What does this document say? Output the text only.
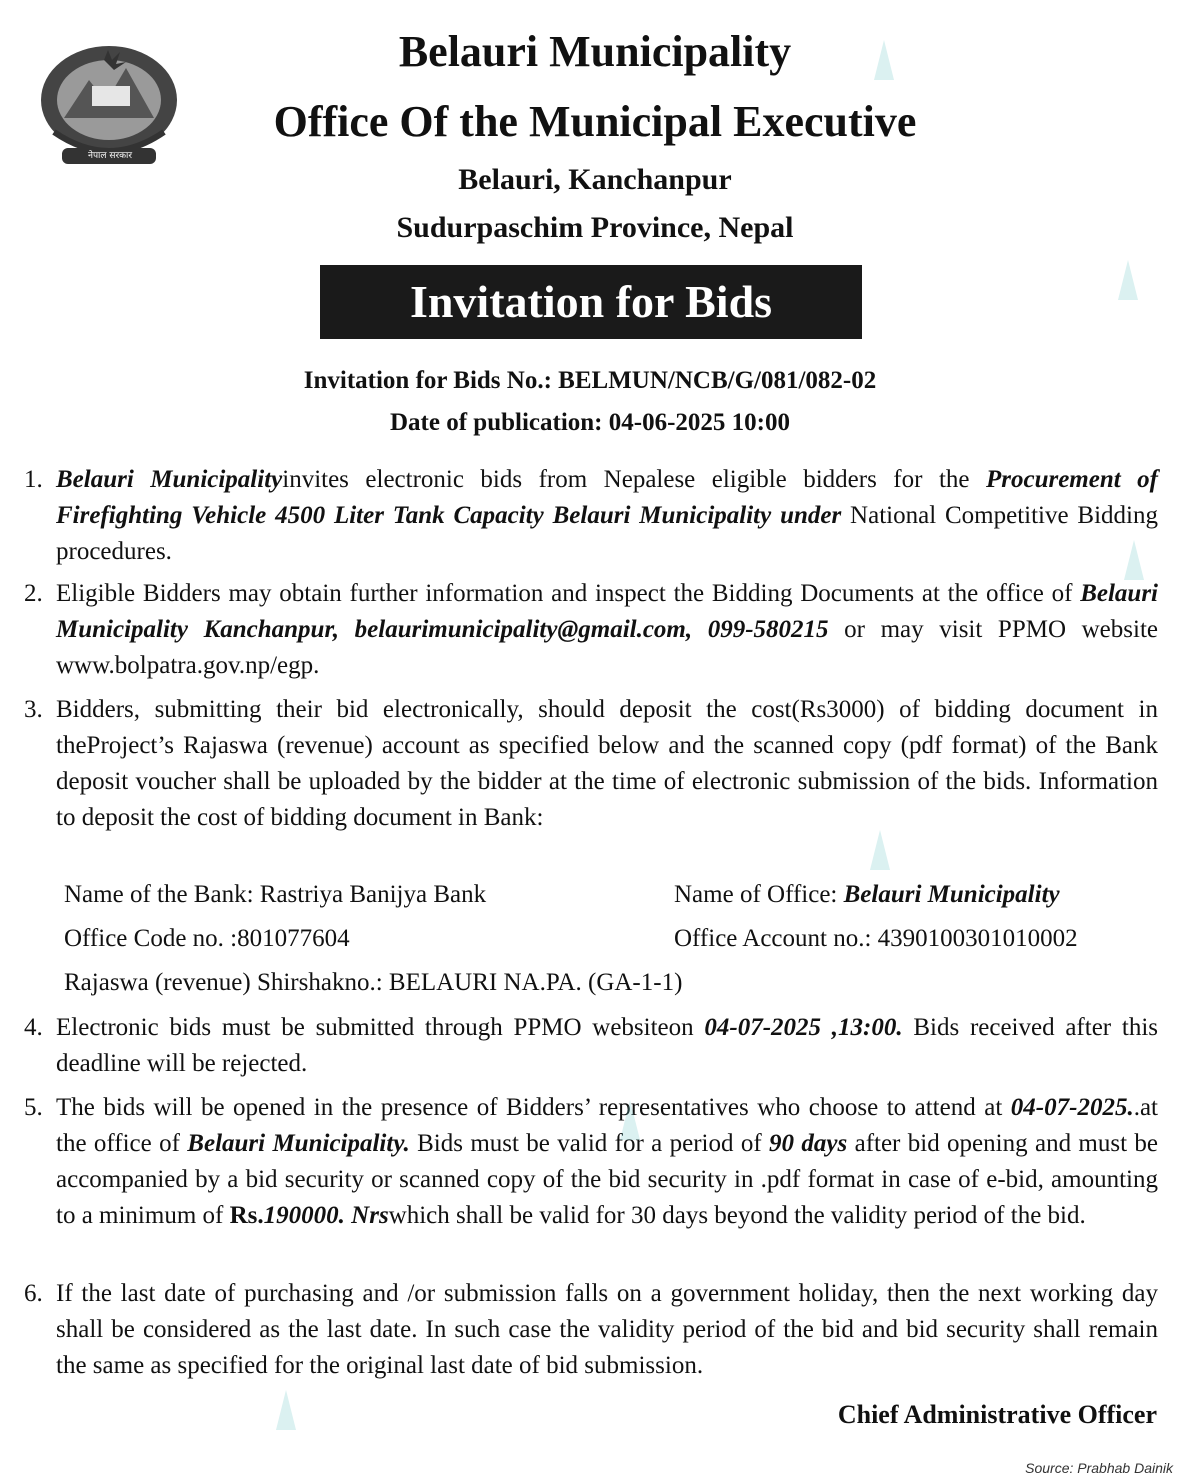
नेपाल सरकार
Belauri Municipality
Office Of the Municipal Executive
Belauri, Kanchanpur
Sudurpaschim Province, Nepal
Invitation for Bids
Invitation for Bids No.: BELMUN/NCB/G/081/082-02
Date of publication: 04-06-2025 10:00
1. Belauri Municipalityinvites electronic bids from Nepalese eligible bidders for the Procurement of Firefighting Vehicle 4500 Liter Tank Capacity Belauri Municipality under National Competitive Bidding procedures.
2. Eligible Bidders may obtain further information and inspect the Bidding Documents at the office of Belauri Municipality Kanchanpur, belaurimunicipality@gmail.com, 099-580215 or may visit PPMO website www.bolpatra.gov.np/egp.
3. Bidders, submitting their bid electronically, should deposit the cost(Rs3000) of bidding document in theProject’s Rajaswa (revenue) account as specified below and the scanned copy (pdf format) of the Bank deposit voucher shall be uploaded by the bidder at the time of electronic submission of the bids. Information to deposit the cost of bidding document in Bank:
Name of the Bank: Rastriya Banijya Bank	Name of Office: Belauri Municipality
Office Code no. :801077604	Office Account no.: 4390100301010002
Rajaswa (revenue) Shirshakno.: BELAURI NA.PA. (GA-1-1)
4. Electronic bids must be submitted through PPMO websiteon 04-07-2025 ,13:00. Bids received after this deadline will be rejected.
5. The bids will be opened in the presence of Bidders’ representatives who choose to attend at 04-07-2025..at the office of Belauri Municipality. Bids must be valid for a period of 90 days after bid opening and must be accompanied by a bid security or scanned copy of the bid security in .pdf format in case of e-bid, amounting to a minimum of Rs.190000. Nrswhich shall be valid for 30 days beyond the validity period of the bid.
6. If the last date of purchasing and /or submission falls on a government holiday, then the next working day shall be considered as the last date. In such case the validity period of the bid and bid security shall remain the same as specified for the original last date of bid submission.
Chief Administrative Officer
Source: Prabhab Dainik
